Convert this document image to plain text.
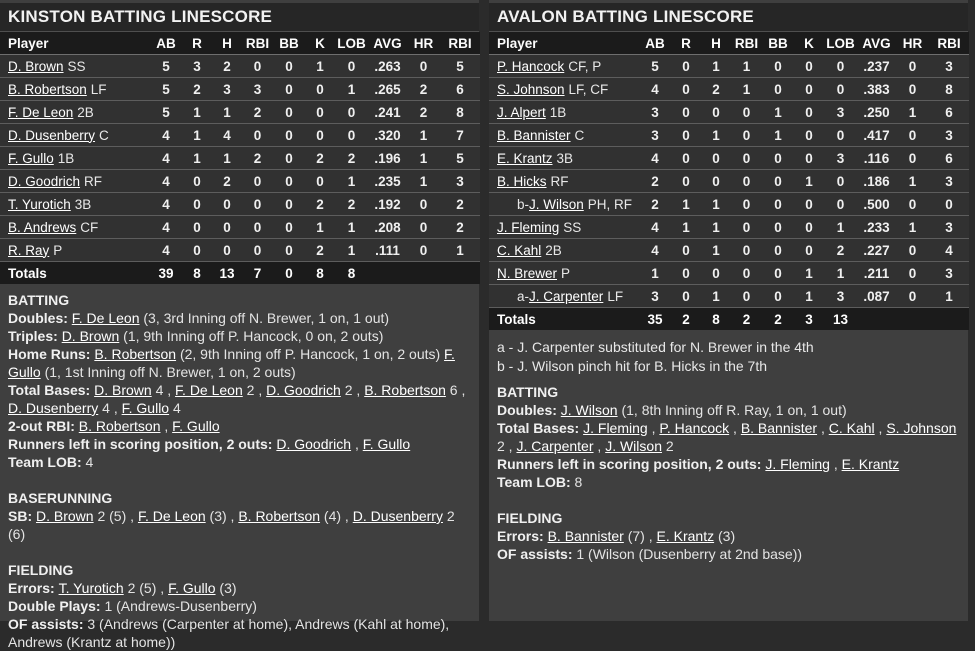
KINSTON BATTING LINESCORE
Player	AB	R	H	RBI	BB	K	LOB	AVG	HR	RBI
D. Brown SS	5	3	2	0	0	1	0	.263	0	5
B. Robertson LF	5	2	3	3	0	0	1	.265	2	6
F. De Leon 2B	5	1	1	2	0	0	0	.241	2	8
D. Dusenberry C	4	1	4	0	0	0	0	.320	1	7
F. Gullo 1B	4	1	1	2	0	2	2	.196	1	5
D. Goodrich RF	4	0	2	0	0	0	1	.235	1	3
T. Yurotich 3B	4	0	0	0	0	2	2	.192	0	2
B. Andrews CF	4	0	0	0	0	1	1	.208	0	2
R. Ray P	4	0	0	0	0	2	1	.111	0	1
Totals	39	8	13	7	0	8	8			
BATTING
Doubles: F. De Leon (3, 3rd Inning off N. Brewer, 1 on, 1 out)
Triples: D. Brown (1, 9th Inning off P. Hancock, 0 on, 2 outs)
Home Runs: B. Robertson (2, 9th Inning off P. Hancock, 1 on, 2 outs) F. Gullo (1, 1st Inning off N. Brewer, 1 on, 2 outs)
Total Bases: D. Brown 4 , F. De Leon 2 , D. Goodrich 2 , B. Robertson 6 , D. Dusenberry 4 , F. Gullo 4
2-out RBI: B. Robertson , F. Gullo
Runners left in scoring position, 2 outs: D. Goodrich , F. Gullo
Team LOB: 4
BASERUNNING
SB: D. Brown 2 (5) , F. De Leon (3) , B. Robertson (4) , D. Dusenberry 2 (6)
FIELDING
Errors: T. Yurotich 2 (5) , F. Gullo (3)
Double Plays: 1 (Andrews-Dusenberry)
OF assists: 3 (Andrews (Carpenter at home), Andrews (Kahl at home), Andrews (Krantz at home))
AVALON BATTING LINESCORE
Player	AB	R	H	RBI	BB	K	LOB	AVG	HR	RBI
P. Hancock CF, P	5	0	1	1	0	0	0	.237	0	3
S. Johnson LF, CF	4	0	2	1	0	0	0	.383	0	8
J. Alpert 1B	3	0	0	0	1	0	3	.250	1	6
B. Bannister C	3	0	1	0	1	0	0	.417	0	3
E. Krantz 3B	4	0	0	0	0	0	3	.116	0	6
B. Hicks RF	2	0	0	0	0	1	0	.186	1	3
b-J. Wilson PH, RF	2	1	1	0	0	0	0	.500	0	0
J. Fleming SS	4	1	1	0	0	0	1	.233	1	3
C. Kahl 2B	4	0	1	0	0	0	2	.227	0	4
N. Brewer P	1	0	0	0	0	1	1	.211	0	3
a-J. Carpenter LF	3	0	1	0	0	1	3	.087	0	1
Totals	35	2	8	2	2	3	13			
a - J. Carpenter substituted for N. Brewer in the 4th
b - J. Wilson pinch hit for B. Hicks in the 7th
BATTING
Doubles: J. Wilson (1, 8th Inning off R. Ray, 1 on, 1 out)
Total Bases: J. Fleming , P. Hancock , B. Bannister , C. Kahl , S. Johnson 2 , J. Carpenter , J. Wilson 2
Runners left in scoring position, 2 outs: J. Fleming , E. Krantz
Team LOB: 8
FIELDING
Errors: B. Bannister (7) , E. Krantz (3)
OF assists: 1 (Wilson (Dusenberry at 2nd base))
